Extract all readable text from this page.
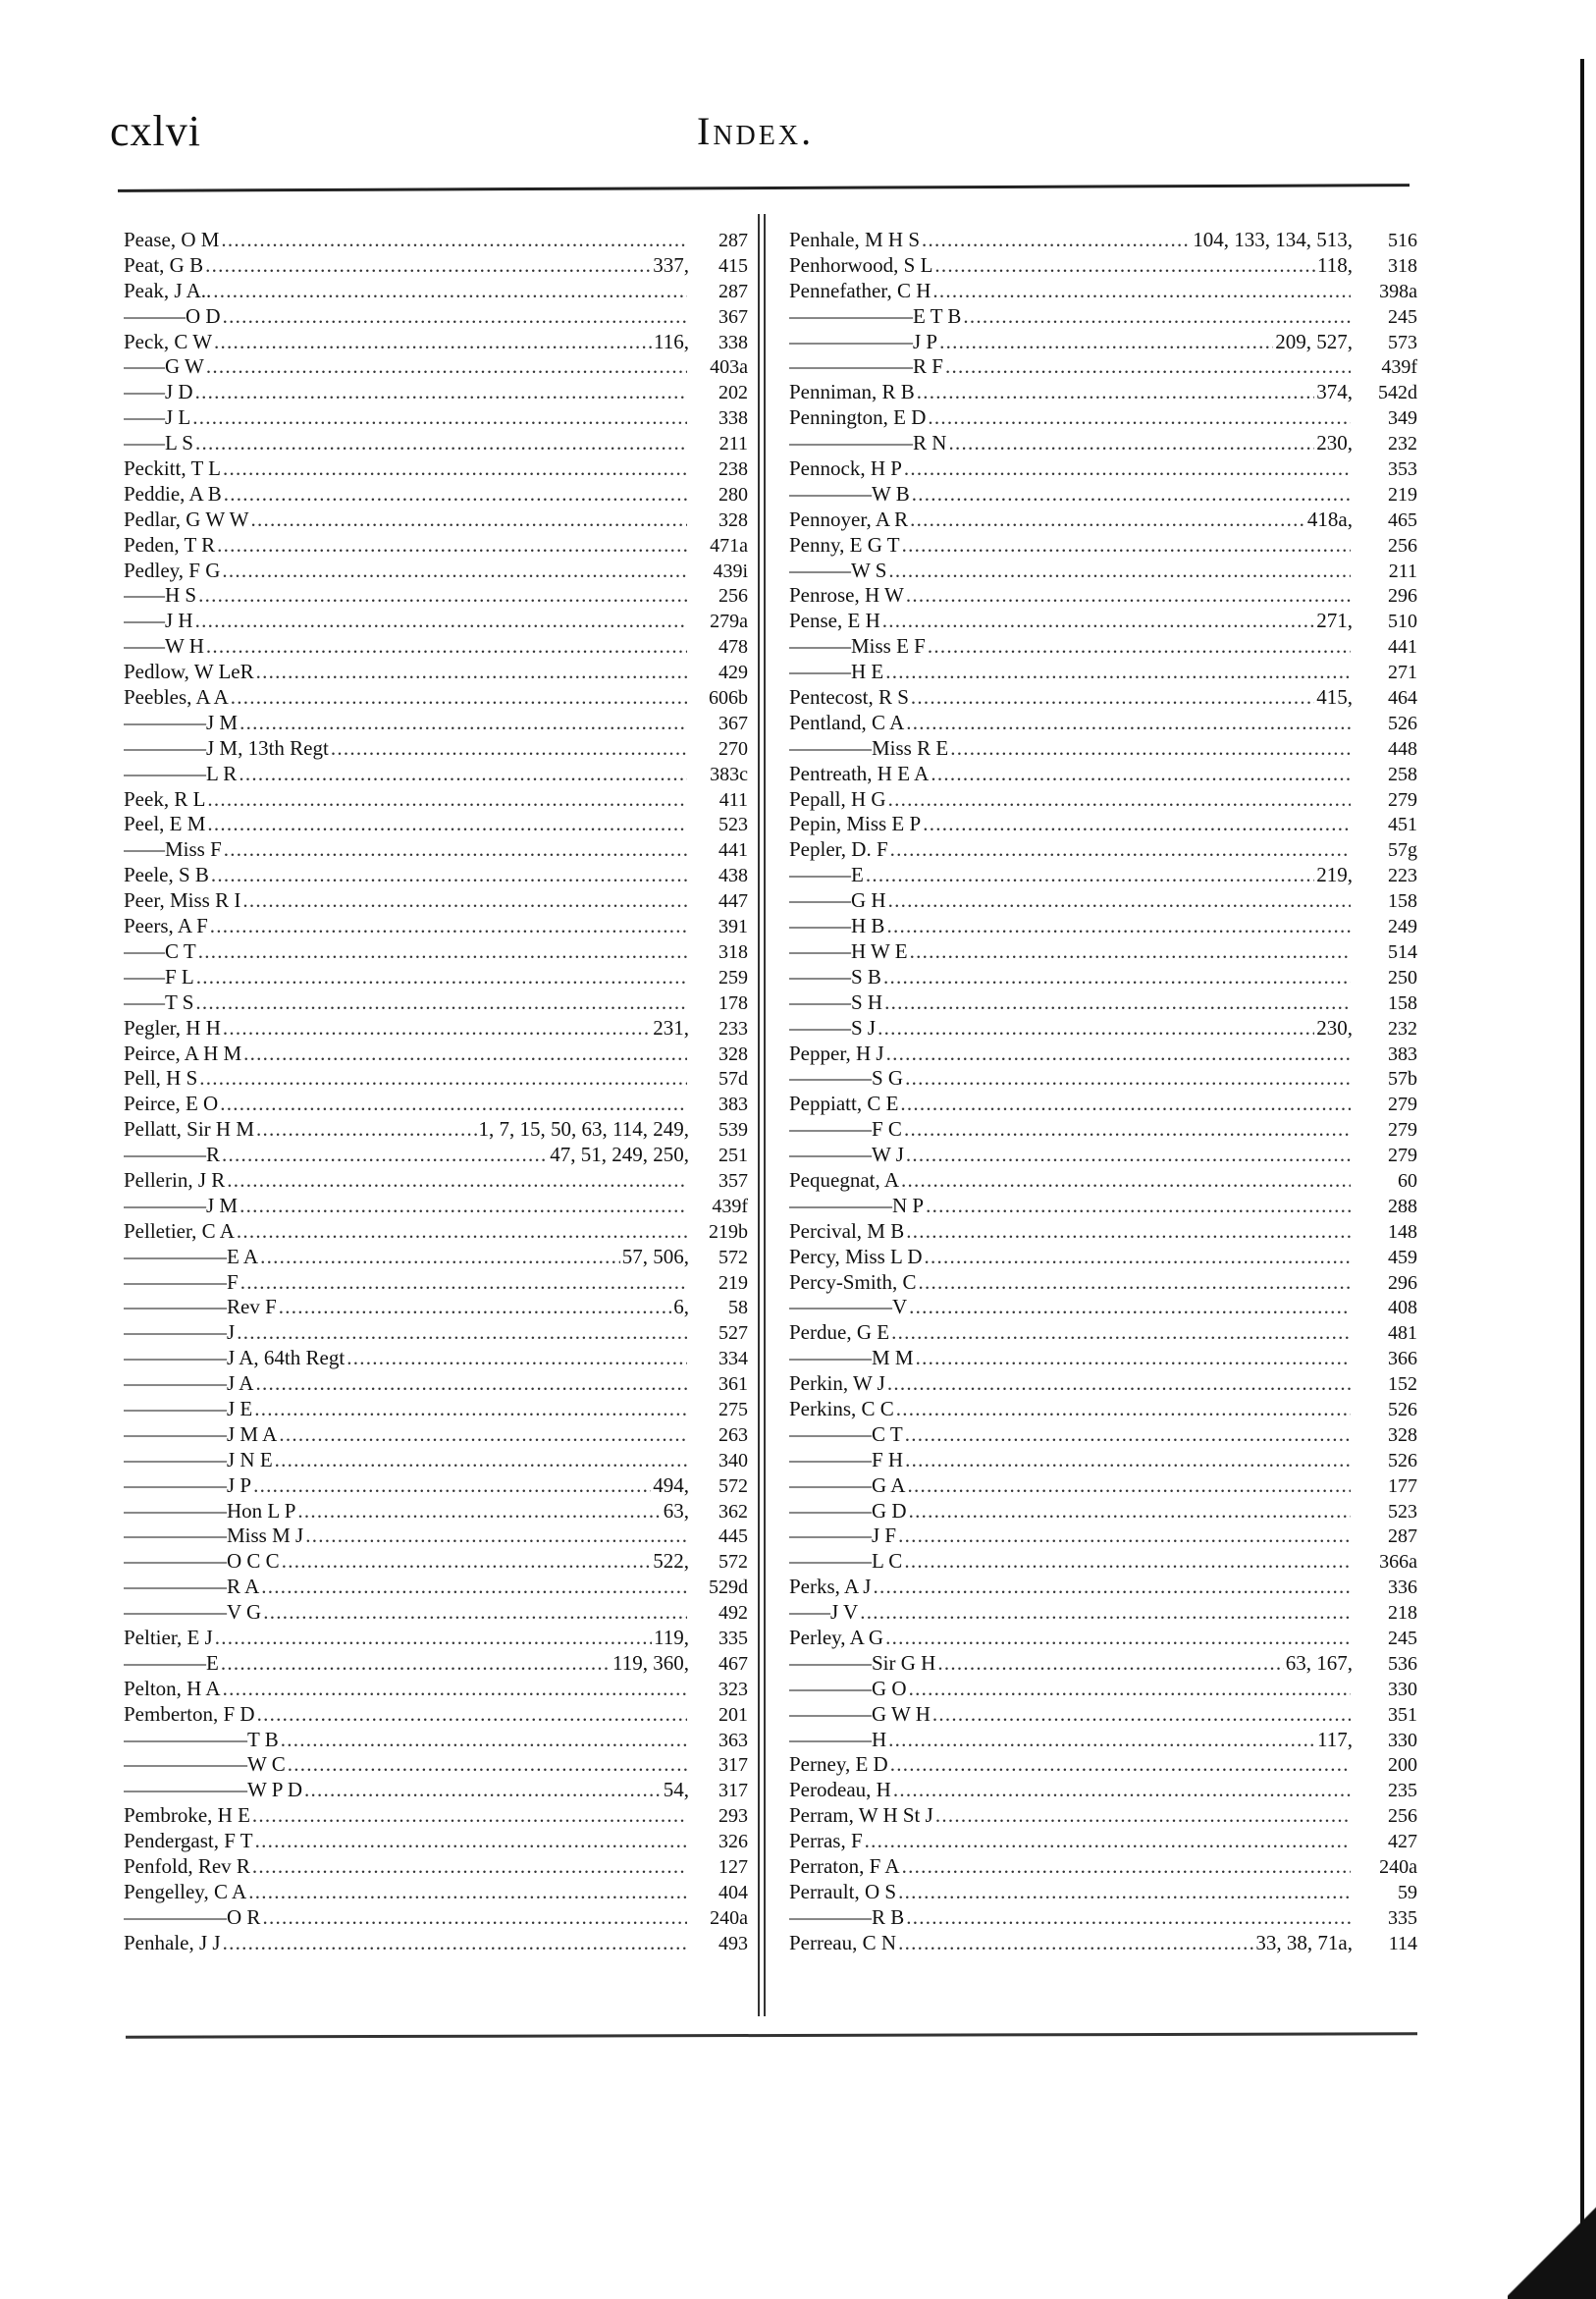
cxlvi	Index.
Pease, O M . . .	287
Peat, G B . . .	337,	415
Peak, J A.. . . .	287
———O D . . .	367
Peck, C W . . .	116,	338
——G W . . .	403a
——J D . . .	202
——J L . . .	338
——L S . . .	211
Peckitt, T L . . .	238
Peddie, A B . . .	280
Pedlar, G W W . . .	328
Peden, T R . . .	471a
Pedley, F G . . .	439i
——H S . . .	256
——J H . . .	279a
——W H . . .	478
Pedlow, W LeR . . .	429
Peebles, A A . . .	606b
————J M . . .	367
————J M, 13th Regt . . .	270
————L R . . .	383c
Peek, R L . . .	411
Peel, E M . . .	523
——Miss F . . .	441
Peele, S B . . .	438
Peer, Miss R I . . .	447
Peers, A F . . .	391
——C T . . .	318
——F L . . .	259
——T S . . .	178
Pegler, H H . . .	231,	233
Peirce, A H M . . .	328
Pell, H S . . .	57d
Peirce, E O . . .	383
Pellatt, Sir H M . . .	1, 7, 15, 50, 63, 114, 249,	539
————R . . .	47, 51, 249, 250,	251
Pellerin, J R . . .	357
————J M . . .	439f
Pelletier, C A . . .	219b
—————E A . . .	57, 506,	572
—————F . . .	219
—————Rev F . . .	6,	58
—————J . . .	527
—————J A, 64th Regt . . .	334
—————J A . . .	361
—————J E . . .	275
—————J M A . . .	263
—————J N E . . .	340
—————J P . . .	494,	572
—————Hon L P . . .	63,	362
—————Miss M J . . .	445
—————O C C . . .	522,	572
—————R A . . .	529d
—————V G . . .	492
Peltier, E J . . .	119,	335
————E . . .	119, 360,	467
Pelton, H A . . .	323
Pemberton, F D . . .	201
——————T B . . .	363
——————W C . . .	317
——————W P D . . .	54,	317
Pembroke, H E . . .	293
Pendergast, F T . . .	326
Penfold, Rev R . . .	127
Pengelley, C A . . .	404
—————O R . . .	240a
Penhale, J J . . .	493
Penhale, M H S . . .	104, 133, 134, 513,	516
Penhorwood, S L . . .	118,	318
Pennefather, C H . . .	398a
——————E T B . . .	245
——————J P . . .	209, 527,	573
——————R F . . .	439f
Penniman, R B . . .	374,	542d
Pennington, E D . . .	349
——————R N . . .	230,	232
Pennock, H P . . .	353
————W B . . .	219
Pennoyer, A R . . .	418a,	465
Penny, E G T . . .	256
———W S . . .	211
Penrose, H W . . .	296
Pense, E H . . .	271,	510
———Miss E F . . .	441
———H E . . .	271
Pentecost, R S . . .	415,	464
Pentland, C A . . .	526
————Miss R E . . .	448
Pentreath, H E A . . .	258
Pepall, H G . . .	279
Pepin, Miss E P . . .	451
Pepler, D. F . . .	57g
———E . . .	219,	223
———G H . . .	158
———H B . . .	249
———H W E . . .	514
———S B . . .	250
———S H . . .	158
———S J . . .	230,	232
Pepper, H J . . .	383
————S G . . .	57b
Peppiatt, C E . . .	279
————F C . . .	279
————W J . . .	279
Pequegnat, A . . .	60
—————N P . . .	288
Percival, M B . . .	148
Percy, Miss L D . . .	459
Percy-Smith, C . . .	296
—————V . . .	408
Perdue, G E . . .	481
————M M . . .	366
Perkin, W J . . .	152
Perkins, C C . . .	526
————C T . . .	328
————F H . . .	526
————G A . . .	177
————G D . . .	523
————J F . . .	287
————L C . . .	366a
Perks, A J . . .	336
——J V . . .	218
Perley, A G . . .	245
————Sir G H . . .	63, 167,	536
————G O . . .	330
————G W H . . .	351
————H . . .	117,	330
Perney, E D . . .	200
Perodeau, H . . .	235
Perram, W H St J . . .	256
Perras, F . . .	427
Perraton, F A . . .	240a
Perrault, O S . . .	59
————R B . . .	335
Perreau, C N . . .	33, 38, 71a,	114
